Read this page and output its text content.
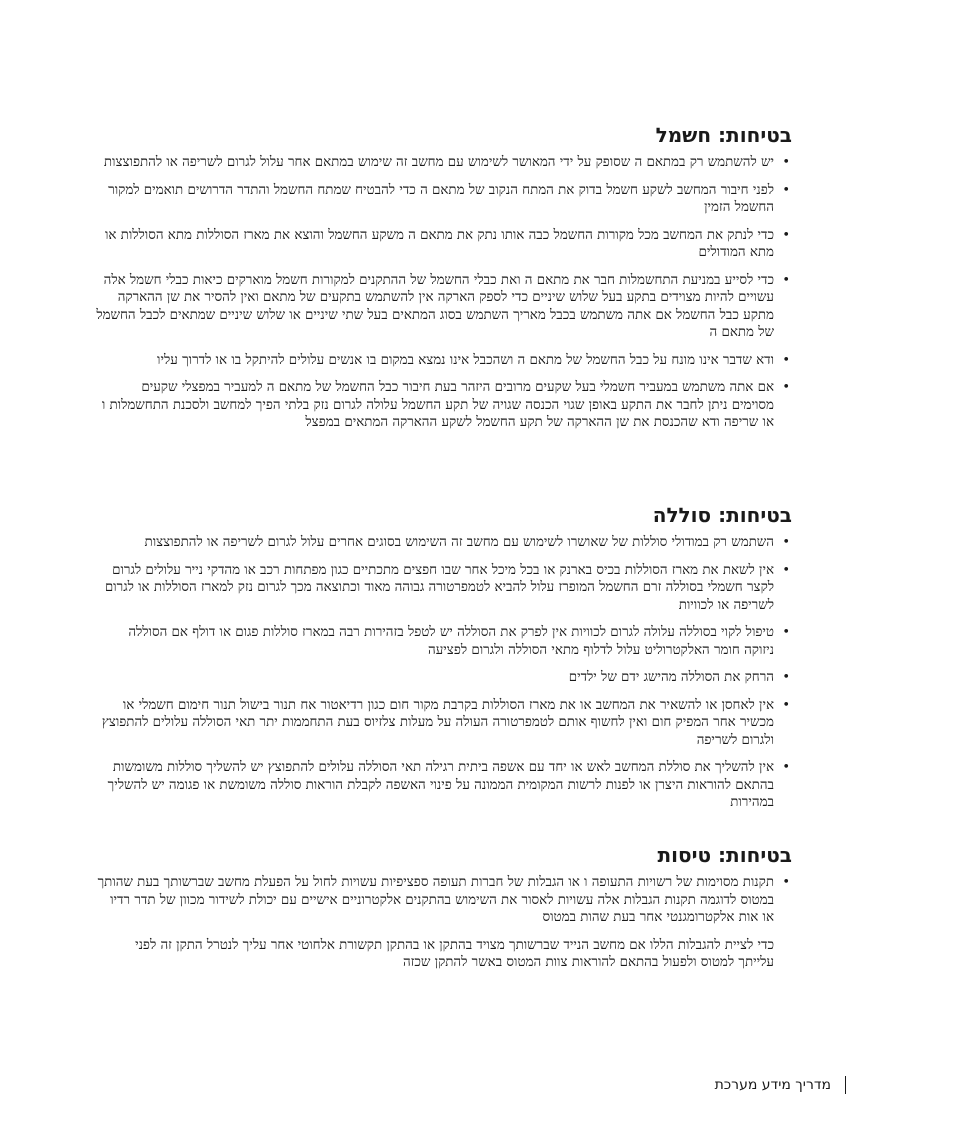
בטיחות: חשמל
• יש להשתמש רק במתאם ה שסופק על ידי המאושר לשימוש עם מחשב זה שימוש במתאם אחר עלול לגרום לשריפה או להתפוצצות
• לפני חיבור המחשב לשקע חשמל בדוק את המתח הנקוב של מתאם ה כדי להבטיח שמתח החשמל והתדר הדרושים תואמים למקור החשמל הזמין
• כדי לנתק את המחשב מכל מקורות החשמל כבה אותו נתק את מתאם ה משקע החשמל והוצא את מארז הסוללות מתא הסוללות או מתא המודולים
• כדי לסייע במניעת התחשמלות חבר את מתאם ה ואת כבלי החשמל של ההתקנים למקורות חשמל מוארקים כיאות כבלי חשמל אלה עשויים להיות מצוידים בתקע בעל שלוש שיניים כדי לספק הארקה אין להשתמש בתקעים של מתאם ואין להסיר את שן ההארקה מתקע כבל החשמל אם אתה משתמש בכבל מאריך השתמש בסוג המתאים בעל שתי שיניים או שלוש שיניים שמתאים לכבל החשמל של מתאם ה
• ודא שדבר אינו מונח על כבל החשמל של מתאם ה ושהכבל אינו נמצא במקום בו אנשים עלולים להיתקל בו או לדרוך עליו
• אם אתה משתמש במעביר חשמלי בעל שקעים מרובים היזהר בעת חיבור כבל החשמל של מתאם ה למעביר במפצלי שקעים מסוימים ניתן לחבר את התקע באופן שגוי הכנסה שגויה של תקע החשמל עלולה לגרום נזק בלתי הפיך למחשב ולסכנת התחשמלות ו או שריפה ודא שהכנסת את שן ההארקה של תקע החשמל לשקע ההארקה המתאים במפצל
בטיחות: סוללה
• השתמש רק במודולי סוללות של שאושרו לשימוש עם מחשב זה השימוש בסוגים אחרים עלול לגרום לשריפה או להתפוצצות
• אין לשאת את מארז הסוללות בכיס בארנק או בכל מיכל אחר שבו חפצים מתכתיים כגון מפתחות רכב או מהדקי נייר עלולים לגרום לקצר חשמלי בסוללה זרם החשמל המופרז עלול להביא לטמפרטורה גבוהה מאוד וכתוצאה מכך לגרום נזק למארז הסוללות או לגרום לשריפה או לכוויות
• טיפול לקוי בסוללה עלולה לגרום לכוויות אין לפרק את הסוללה יש לטפל בזהירות רבה במארז סוללות פגום או דולף אם הסוללה ניזוקה חומר האלקטרוליט עלול לדלוף מתאי הסוללה ולגרום לפציעה
• הרחק את הסוללה מהישג ידם של ילדים
• אין לאחסן או להשאיר את המחשב או את מארז הסוללות בקרבת מקור חום כגון רדיאטור אח תנור בישול תנור חימום חשמלי או מכשיר אחר המפיק חום ואין לחשוף אותם לטמפרטורה העולה על מעלות צלזיוס בעת התחממות יתר תאי הסוללה עלולים להתפוצץ ולגרום לשריפה
• אין להשליך את סוללת המחשב לאש או יחד עם אשפה ביתית רגילה תאי הסוללה עלולים להתפוצץ יש להשליך סוללות משומשות בהתאם להוראות היצרן או לפנות לרשות המקומית הממונה על פינוי האשפה לקבלת הוראות סוללה משומשת או פגומה יש להשליך במהירות
בטיחות: טיסות
• תקנות מסוימות של רשויות התעופה ו או הגבלות של חברות תעופה ספציפיות עשויות לחול על הפעלת מחשב שברשותך בעת שהותך במטוס לדוגמה תקנות הגבלות אלה עשויות לאסור את השימוש בהתקנים אלקטרוניים אישיים עם יכולת לשידור מכוון של תדר רדיו או אות אלקטרומגנטי אחר בעת שהות במטוס

כדי לציית להגבלות הללו אם מחשב הנייד שברשותך מצויד בהתקן או בהתקן תקשורת אלחוטי אחר עליך לנטרל התקן זה לפני עלייתך למטוס ולפעול בהתאם להוראות צוות המטוס באשר להתקן שכזה

מדריך מידע מערכת
